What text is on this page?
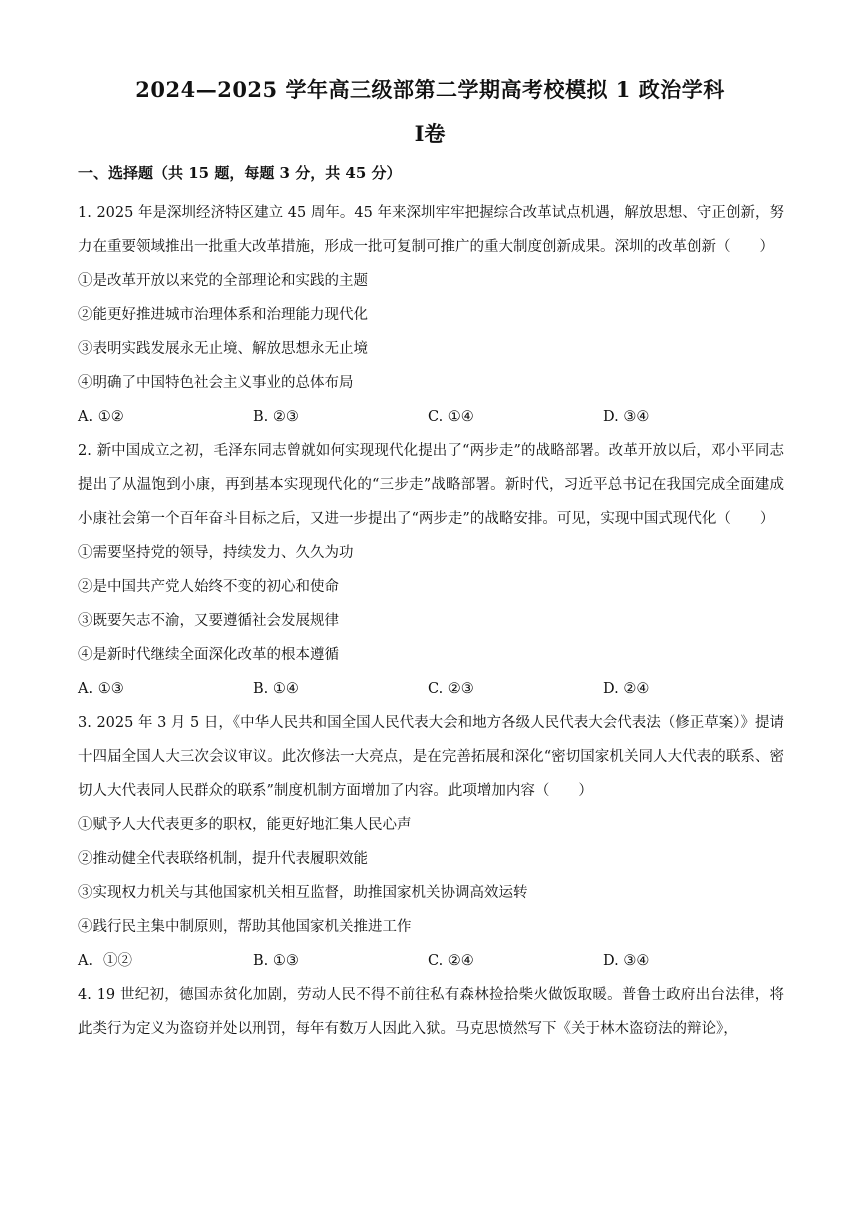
2024—2025 学年高三级部第二学期高考校模拟 1 政治学科
Ⅰ卷
一、选择题（共 15 题，每题 3 分，共 45 分）

1. 2025 年是深圳经济特区建立 45 周年。45 年来深圳牢牢把握综合改革试点机遇，解放思想、守正创新，努力在重要领域推出一批重大改革措施，形成一批可复制可推广的重大制度创新成果。深圳的改革创新（　　）

①是改革开放以来党的全部理论和实践的主题

②能更好推进城市治理体系和治理能力现代化

③表明实践发展永无止境、解放思想永无止境

④明确了中国特色社会主义事业的总体布局

A. ①②	B. ②③	C. ①④	D. ③④

2. 新中国成立之初，毛泽东同志曾就如何实现现代化提出了“两步走”的战略部署。改革开放以后，邓小平同志提出了从温饱到小康，再到基本实现现代化的“三步走”战略部署。新时代，习近平总书记在我国完成全面建成小康社会第一个百年奋斗目标之后，又进一步提出了“两步走”的战略安排。可见，实现中国式现代化（　　）

①需要坚持党的领导，持续发力、久久为功

②是中国共产党人始终不变的初心和使命

③既要矢志不渝，又要遵循社会发展规律

④是新时代继续全面深化改革的根本遵循

A. ①③	B. ①④	C. ②③	D. ②④

3. 2025 年 3 月 5 日，《中华人民共和国全国人民代表大会和地方各级人民代表大会代表法（修正草案）》提请十四届全国人大三次会议审议。此次修法一大亮点，是在完善拓展和深化“密切国家机关同人大代表的联系、密切人大代表同人民群众的联系”制度机制方面增加了内容。此项增加内容（　　）

①赋予人大代表更多的职权，能更好地汇集人民心声

②推动健全代表联络机制，提升代表履职效能

③实现权力机关与其他国家机关相互监督，助推国家机关协调高效运转

④践行民主集中制原则，帮助其他国家机关推进工作

A．①②	B. ①③	C. ②④	D. ③④

4. 19 世纪初，德国赤贫化加剧，劳动人民不得不前往私有森林捡拾柴火做饭取暖。普鲁士政府出台法律，将此类行为定义为盗窃并处以刑罚，每年有数万人因此入狱。马克思愤然写下《关于林木盗窃法的辩论》，
